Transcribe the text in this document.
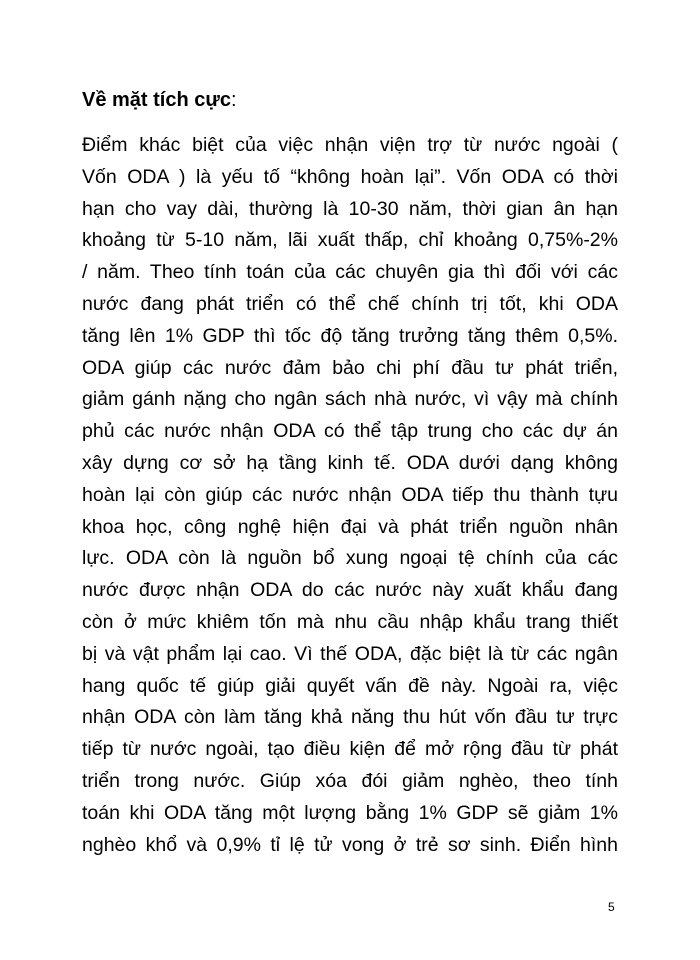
Về mặt tích cực:
Điểm khác biệt của việc nhận viện trợ từ nước ngoài (
Vốn ODA ) là yếu tố “không hoàn lại”. Vốn ODA có thời
hạn cho vay dài, thường là 10-30 năm, thời gian ân hạn
khoảng từ 5-10 năm, lãi xuất thấp, chỉ khoảng 0,75%-2%
/ năm. Theo tính toán của các chuyên gia thì đối với các
nước đang phát triển có thể chế chính trị tốt, khi ODA
tăng lên 1% GDP thì tốc độ tăng trưởng tăng thêm 0,5%.
ODA giúp các nước đảm bảo chi phí đầu tư phát triển,
giảm gánh nặng cho ngân sách nhà nước, vì vậy mà chính
phủ các nước nhận ODA có thể tập trung cho các dự án
xây dựng cơ sở hạ tầng kinh tế. ODA dưới dạng không
hoàn lại còn giúp các nước nhận ODA tiếp thu thành tựu
khoa học, công nghệ hiện đại và phát triển nguồn nhân
lực. ODA còn là nguồn bổ xung ngoại tệ chính của các
nước được nhận ODA do các nước này xuất khẩu đang
còn ở mức khiêm tốn mà nhu cầu nhập khẩu trang thiết
bị và vật phẩm lại cao. Vì thế ODA, đặc biệt là từ các ngân
hang quốc tế giúp giải quyết vấn đề này. Ngoài ra, việc
nhận ODA còn làm tăng khả năng thu hút vốn đầu tư trực
tiếp từ nước ngoài, tạo điều kiện để mở rộng đầu từ phát
triển trong nước. Giúp xóa đói giảm nghèo, theo tính
toán khi ODA tăng một lượng bằng 1% GDP sẽ giảm 1%
nghèo khổ và 0,9% tỉ lệ tử vong ở trẻ sơ sinh. Điển hình
5
